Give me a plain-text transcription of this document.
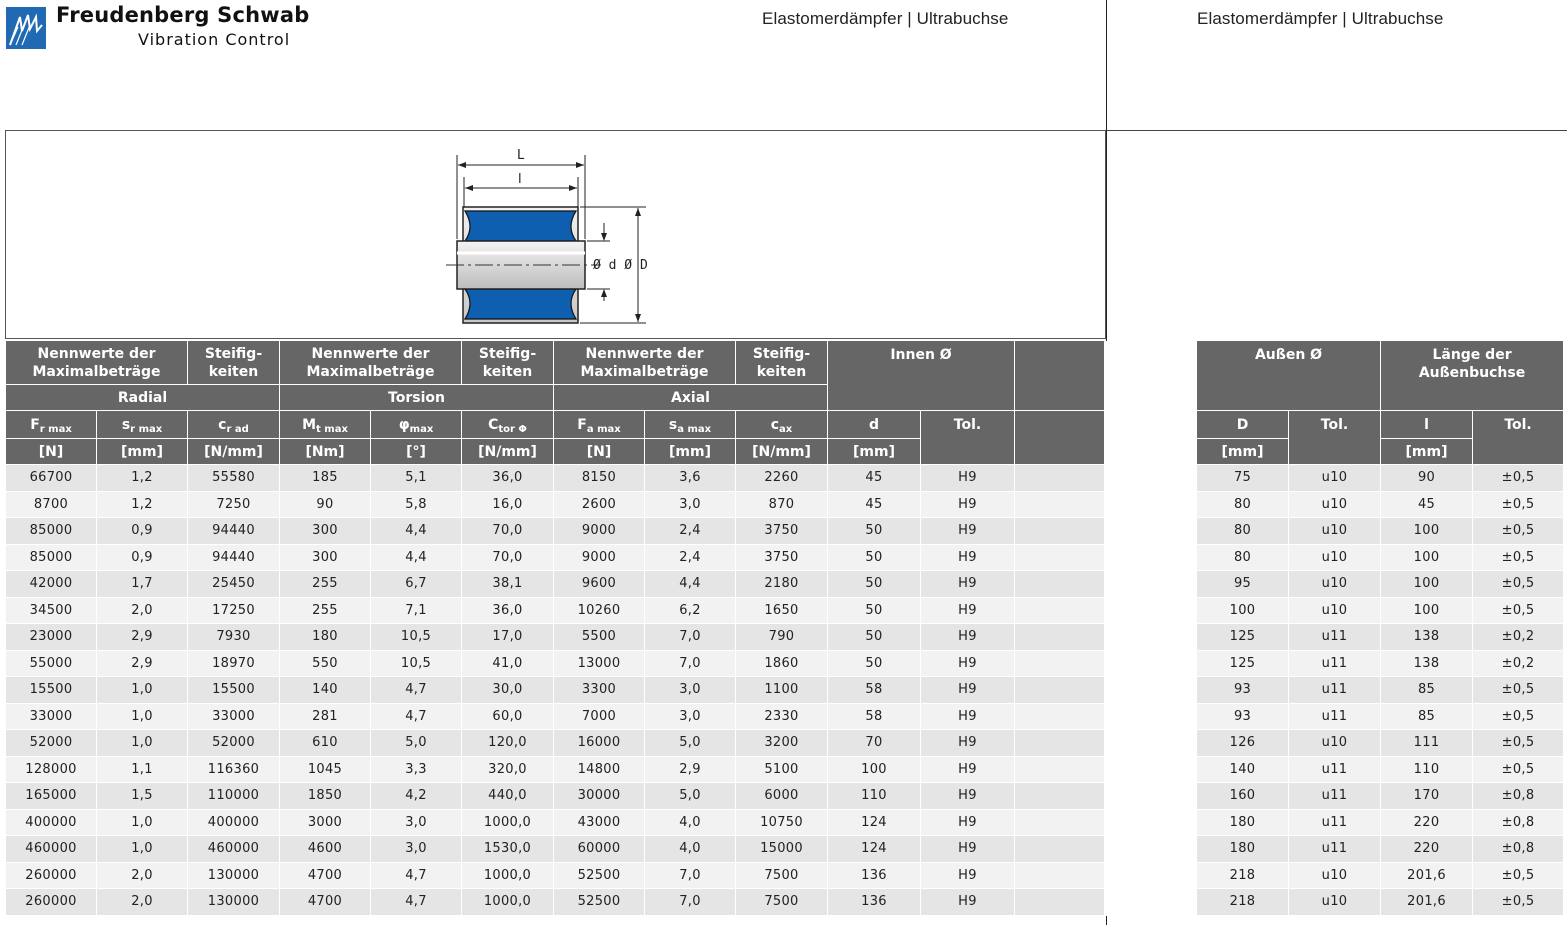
Freudenberg Schwab
Vibration Control
Elastomerdämpfer | Ultrabuchse	Elastomerdämpfer | Ultrabuchse
L
l
Ø d Ø D
Nennwerte der Maximalbeträge		Steifig- keiten	Nennwerte der Maximalbeträge		Steifig- keiten	Nennwerte der Maximalbeträge		Steifig- keiten	Innen Ø				Außen Ø		Länge der Außenbuchse	
Radial			Torsion			Axial										
$F_{r max}$	$s_{r max}$	$c_{r ad}$	$M_{t max}$	$\varphi_{max}$	$C_{tor \Phi}$	$F_{a max}$	$s_{a max}$	$c_{ax}$	d	Tol.			D	Tol.	l	Tol.
[N]	[mm]	[N/mm]	[Nm]	[°]	[N/mm]	[N]	[mm]	[N/mm]	[mm]				[mm]		[mm]	
66700	1,2	55580	185	5,1	36,0	8150	3,6	2260	45	H9			75	u10	90	±0,5
8700	1,2	7250	90	5,8	16,0	2600	3,0	870	45	H9			80	u10	45	±0,5
85000	0,9	94440	300	4,4	70,0	9000	2,4	3750	50	H9			80	u10	100	±0,5
85000	0,9	94440	300	4,4	70,0	9000	2,4	3750	50	H9			80	u10	100	±0,5
42000	1,7	25450	255	6,7	38,1	9600	4,4	2180	50	H9			95	u10	100	±0,5
34500	2,0	17250	255	7,1	36,0	10260	6,2	1650	50	H9			100	u10	100	±0,5
23000	2,9	7930	180	10,5	17,0	5500	7,0	790	50	H9			125	u11	138	±0,2
55000	2,9	18970	550	10,5	41,0	13000	7,0	1860	50	H9			125	u11	138	±0,2
15500	1,0	15500	140	4,7	30,0	3300	3,0	1100	58	H9			93	u11	85	±0,5
33000	1,0	33000	281	4,7	60,0	7000	3,0	2330	58	H9			93	u11	85	±0,5
52000	1,0	52000	610	5,0	120,0	16000	5,0	3200	70	H9			126	u10	111	±0,5
128000	1,1	116360	1045	3,3	320,0	14800	2,9	5100	100	H9			140	u11	110	±0,5
165000	1,5	110000	1850	4,2	440,0	30000	5,0	6000	110	H9			160	u11	170	±0,8
400000	1,0	400000	3000	3,0	1000,0	43000	4,0	10750	124	H9			180	u11	220	±0,8
460000	1,0	460000	4600	3,0	1530,0	60000	4,0	15000	124	H9			180	u11	220	±0,8
260000	2,0	130000	4700	4,7	1000,0	52500	7,0	7500	136	H9			218	u10	201,6	±0,5
260000	2,0	130000	4700	4,7	1000,0	52500	7,0	7500	136	H9			218	u10	201,6	±0,5
